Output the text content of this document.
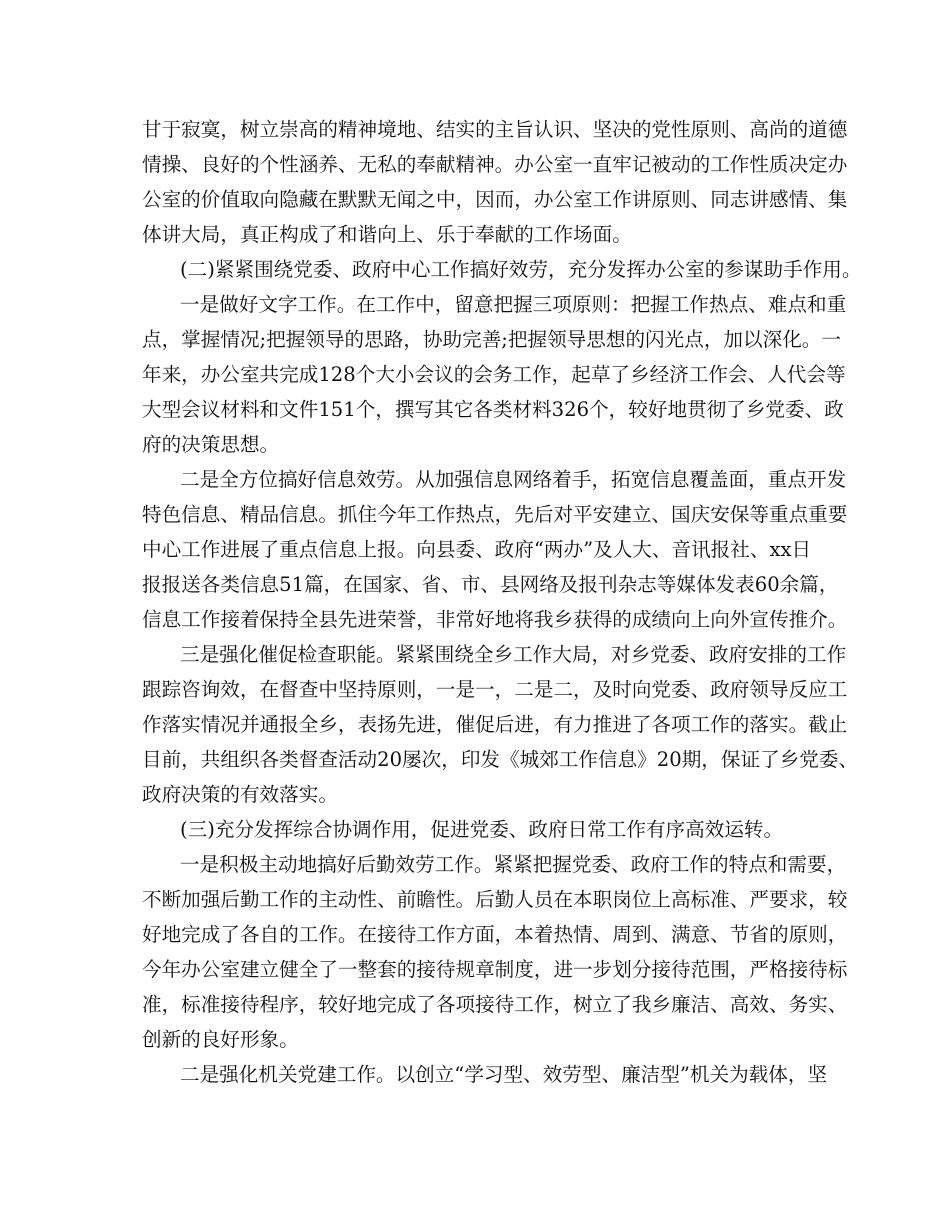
甘于寂寞，树立崇高的精神境地、结实的主旨认识、坚决的党性原则、高尚的道德
情操、良好的个性涵养、无私的奉献精神。办公室一直牢记被动的工作性质决定办
公室的价值取向隐藏在默默无闻之中，因而，办公室工作讲原则、同志讲感情、集
体讲大局，真正构成了和谐向上、乐于奉献的工作场面。
(二)紧紧围绕党委、政府中心工作搞好效劳，充分发挥办公室的参谋助手作用。
一是做好文字工作。在工作中，留意把握三项原则：把握工作热点、难点和重
点，掌握情况;把握领导的思路，协助完善;把握领导思想的闪光点，加以深化。一
年来，办公室共完成128个大小会议的会务工作，起草了乡经济工作会、人代会等
大型会议材料和文件151个，撰写其它各类材料326个，较好地贯彻了乡党委、政
府的决策思想。
二是全方位搞好信息效劳。从加强信息网络着手，拓宽信息覆盖面，重点开发
特色信息、精品信息。抓住今年工作热点，先后对平安建立、国庆安保等重点重要
中心工作进展了重点信息上报。向县委、政府“两办”及人大、音讯报社、xx日
报报送各类信息51篇，在国家、省、市、县网络及报刊杂志等媒体发表60余篇，
信息工作接着保持全县先进荣誉，非常好地将我乡获得的成绩向上向外宣传推介。
三是强化催促检查职能。紧紧围绕全乡工作大局，对乡党委、政府安排的工作
跟踪咨询效，在督查中坚持原则，一是一，二是二，及时向党委、政府领导反应工
作落实情况并通报全乡，表扬先进，催促后进，有力推进了各项工作的落实。截止
目前，共组织各类督查活动20屡次，印发《城郊工作信息》20期，保证了乡党委、
政府决策的有效落实。
(三)充分发挥综合协调作用，促进党委、政府日常工作有序高效运转。
一是积极主动地搞好后勤效劳工作。紧紧把握党委、政府工作的特点和需要，
不断加强后勤工作的主动性、前瞻性。后勤人员在本职岗位上高标准、严要求，较
好地完成了各自的工作。在接待工作方面，本着热情、周到、满意、节省的原则，
今年办公室建立健全了一整套的接待规章制度，进一步划分接待范围，严格接待标
准，标准接待程序，较好地完成了各项接待工作，树立了我乡廉洁、高效、务实、
创新的良好形象。
二是强化机关党建工作。以创立“学习型、效劳型、廉洁型”机关为载体，坚
